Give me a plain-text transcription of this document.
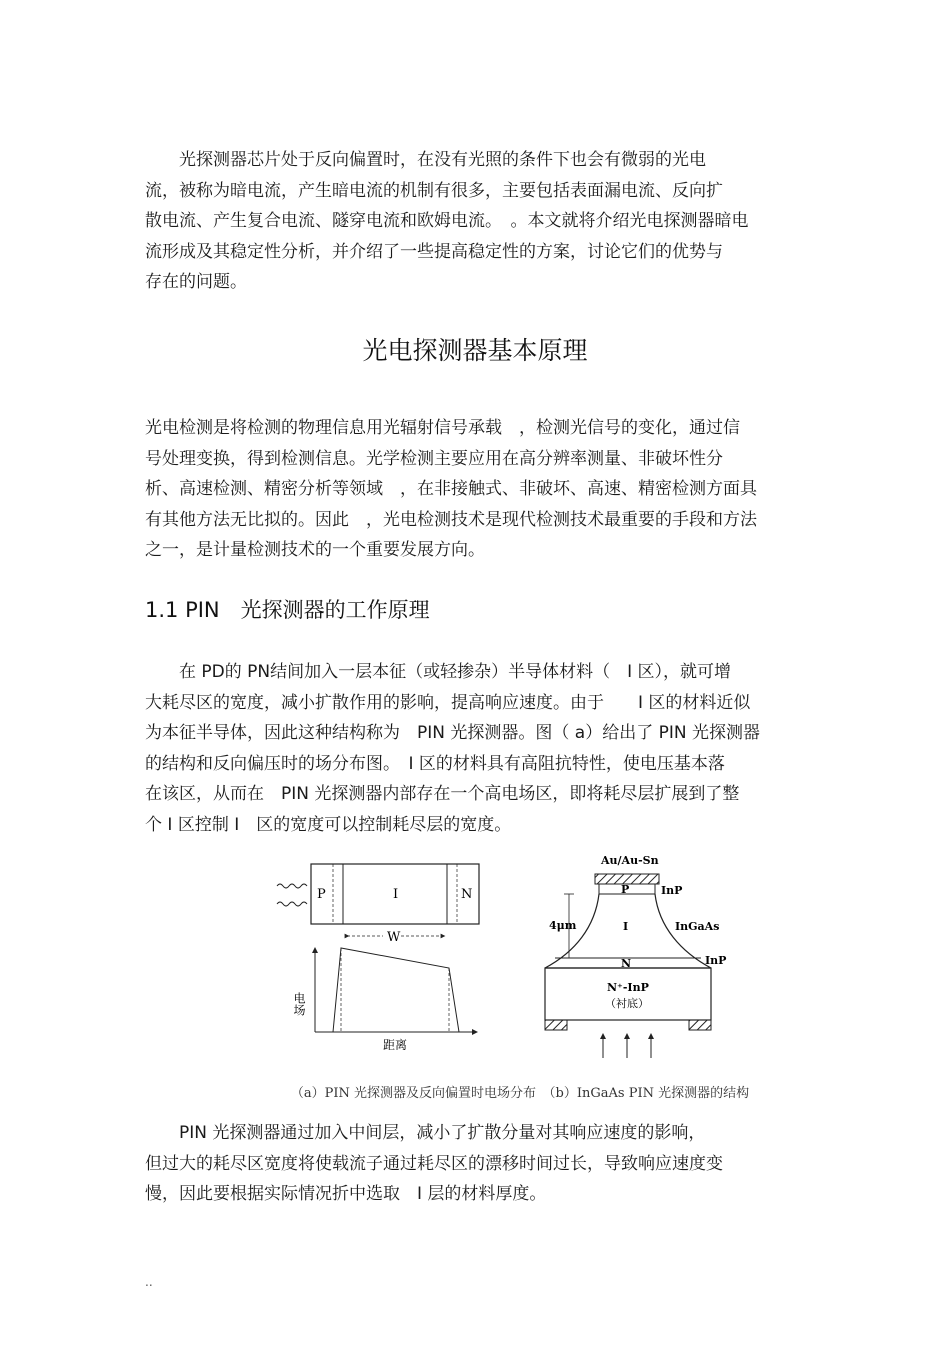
　　光探测器芯片处于反向偏置时，在没有光照的条件下也会有微弱的光电
流，被称为暗电流，产生暗电流的机制有很多，主要包括表面漏电流、反向扩
散电流、产生复合电流、隧穿电流和欧姆电流。　。本文就将介绍光电探测器暗电
流形成及其稳定性分析，并介绍了一些提高稳定性的方案，讨论它们的优势与
存在的问题。
光电探测器基本原理
光电检测是将检测的物理信息用光辐射信号承载　，检测光信号的变化，通过信
号处理变换，得到检测信息。光学检测主要应用在高分辨率测量、非破坏性分
析、高速检测、精密分析等领域　，在非接触式、非破坏、高速、精密检测方面具
有其他方法无比拟的。因此　，光电检测技术是现代检测技术最重要的手段和方法
之一，是计量检测技术的一个重要发展方向。
1.1 PIN　光探测器的工作原理
　　在 PD的 PN结间加入一层本征（或轻掺杂）半导体材料（　I 区），就可增
大耗尽区的宽度，减小扩散作用的影响，提高响应速度。由于　　I 区的材料近似
为本征半导体，因此这种结构称为　PIN 光探测器。图（ a）给出了 PIN 光探测器
的结构和反向偏压时的场分布图。　I 区的材料具有高阻抗特性，使电压基本落
在该区，从而在　PIN 光探测器内部存在一个高电场区，即将耗尽层扩展到了整
个 I 区控制 I　区的宽度可以控制耗尽层的宽度。
P	I	N
W
电场
距离
Au/Au-Sn
P	InP
I	InGaAs
4μm
N	InP
N⁺-InP
（衬底）
（a）PIN 光探测器及反向偏置时电场分布　（b）InGaAs PIN 光探测器的结构
　　PIN 光探测器通过加入中间层，减小了扩散分量对其响应速度的影响，
但过大的耗尽区宽度将使载流子通过耗尽区的漂移时间过长，导致响应速度变
慢，因此要根据实际情况折中选取　I 层的材料厚度。
..
